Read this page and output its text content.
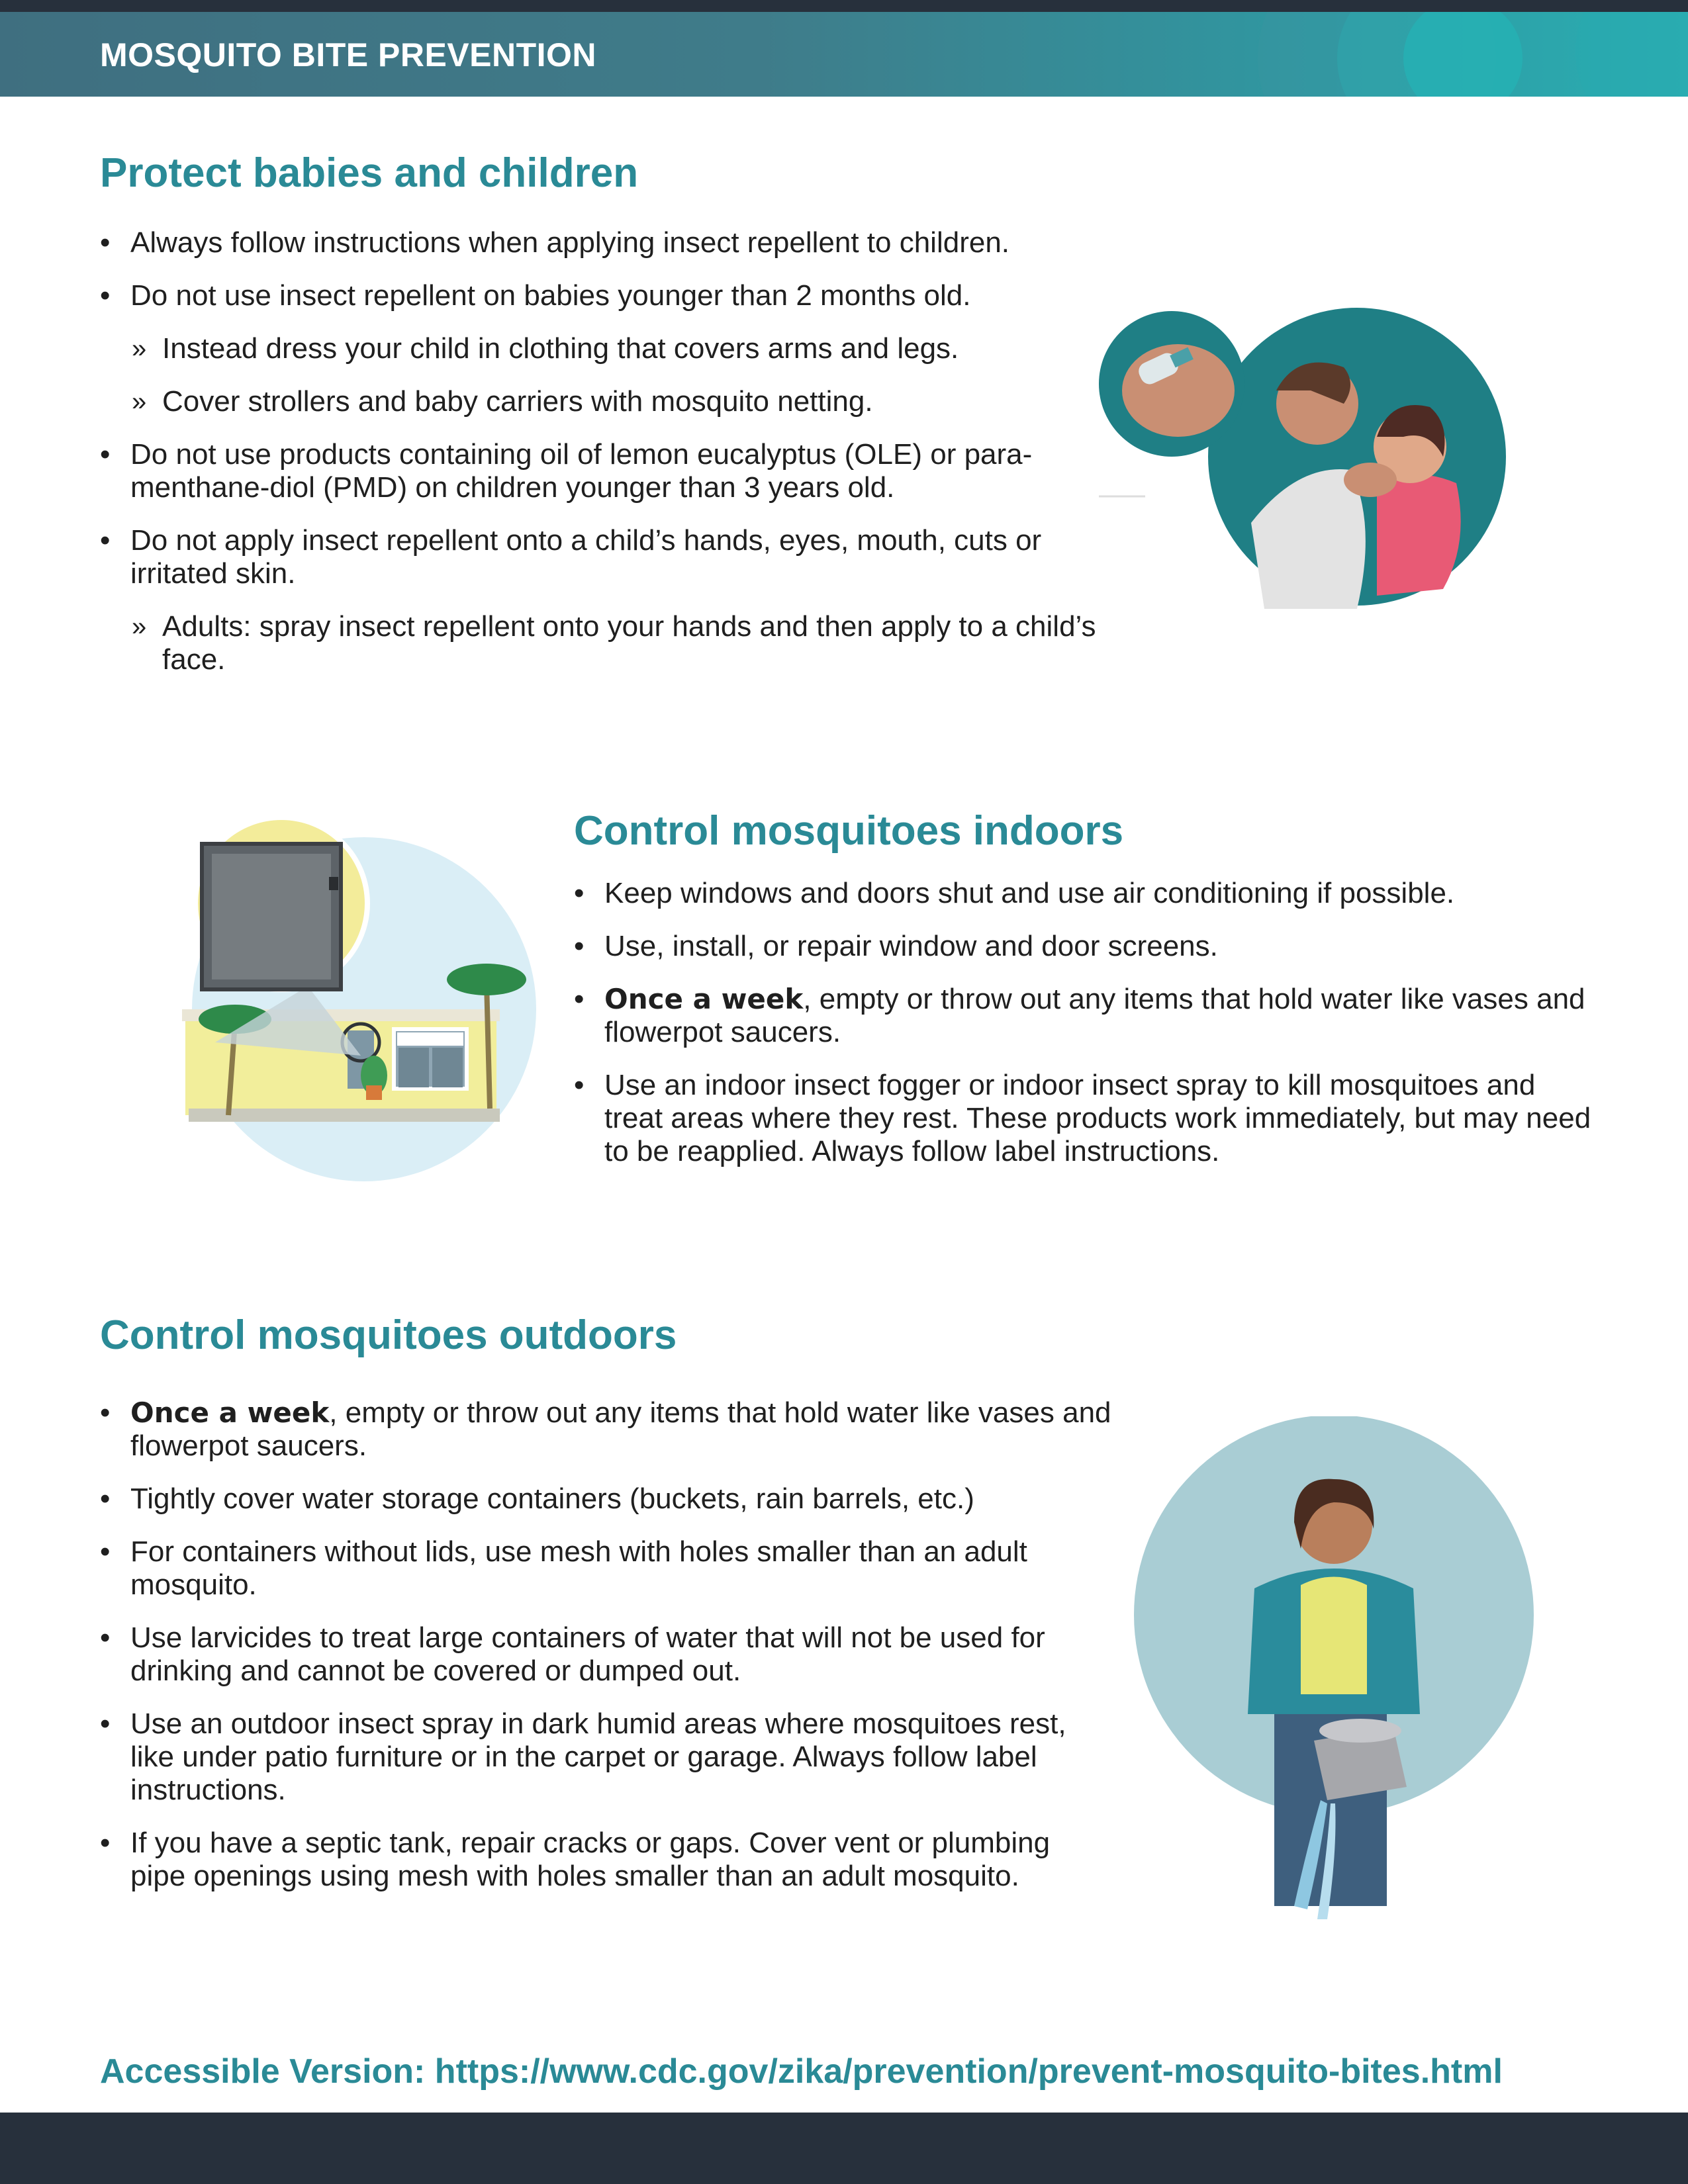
MOSQUITO BITE PREVENTION
Protect babies and children
• Always follow instructions when applying insect repellent to children.
• Do not use insect repellent on babies younger than 2 months old.
» Instead dress your child in clothing that covers arms and legs.
» Cover strollers and baby carriers with mosquito netting.
• Do not use products containing oil of lemon eucalyptus (OLE) or para-menthane-diol (PMD) on children younger than 3 years old.
• Do not apply insect repellent onto a child’s hands, eyes, mouth, cuts or irritated skin.
» Adults: spray insect repellent onto your hands and then apply to a child’s face.
Control mosquitoes indoors
• Keep windows and doors shut and use air conditioning if possible.
• Use, install, or repair window and door screens.
• Once a week, empty or throw out any items that hold water like vases and flowerpot saucers.
• Use an indoor insect fogger or indoor insect spray to kill mosquitoes and treat areas where they rest. These products work immediately, but may need to be reapplied. Always follow label instructions.
Control mosquitoes outdoors
• Once a week, empty or throw out any items that hold water like vases and flowerpot saucers.
• Tightly cover water storage containers (buckets, rain barrels, etc.)
• For containers without lids, use mesh with holes smaller than an adult mosquito.
• Use larvicides to treat large containers of water that will not be used for drinking and cannot be covered or dumped out.
• Use an outdoor insect spray in dark humid areas where mosquitoes rest, like under patio furniture or in the carpet or garage. Always follow label instructions.
• If you have a septic tank, repair cracks or gaps. Cover vent or plumbing pipe openings using mesh with holes smaller than an adult mosquito.
Accessible Version: https://www.cdc.gov/zika/prevention/prevent-mosquito-bites.html
